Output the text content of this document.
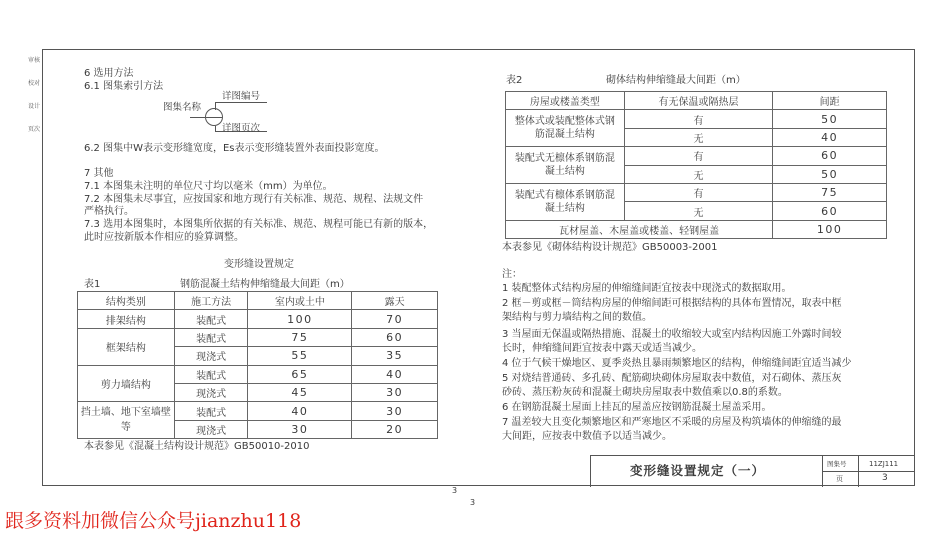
审核
校对
设计
页次
6 选用方法
6.1 图集索引方法
详图编号
图集名称
详图页次
6.2 图集中W表示变形缝宽度，Es表示变形缝装置外表面投影宽度。
7 其他
7.1 本图集未注明的单位尺寸均以毫米（mm）为单位。
7.2 本图集未尽事宜，应按国家和地方现行有关标准、规范、规程、法规文件
严格执行。
7.3 选用本图集时，本图集所依据的有关标准、规范、规程可能已有新的版本，
此时应按新版本作相应的验算调整。
变形缝设置规定
表1	钢筋混凝土结构伸缩缝最大间距（m）
结构类别	施工方法	室内或土中	露天
排架结构	装配式	100	70
框架结构	装配式	75	60
	现浇式	55	35
剪力墙结构	装配式	65	40
	现浇式	45	30
挡土墙、地下室墙壁等	装配式	40	30
	现浇式	30	20
本表参见《混凝土结构设计规范》GB50010-2010
表2	砌体结构伸缩缝最大间距（m）
房屋或楼盖类型	有无保温或隔热层	间距
整体式或装配整体式钢筋混凝土结构	有	50
	无	40
装配式无檩体系钢筋混凝土结构	有	60
	无	50
装配式有檩体系钢筋混凝土结构	有	75
	无	60
瓦材屋盖、木屋盖或楼盖、轻钢屋盖		100
本表参见《砌体结构设计规范》GB50003-2001
注：
1 装配整体式结构房屋的伸缩缝间距宜按表中现浇式的数据取用。
2 框－剪或框－筒结构房屋的伸缩间距可根据结构的具体布置情况，取表中框
架结构与剪力墙结构之间的数值。
3 当屋面无保温或隔热措施、混凝土的收缩较大或室内结构因施工外露时间较
长时，伸缩缝间距宜按表中露天或适当减少。
4 位于气候干燥地区、夏季炎热且暴雨频繁地区的结构，伸缩缝间距宜适当减少
5 对烧结普通砖、多孔砖、配筋砌块砌体房屋取表中数值，对石砌体、蒸压灰
砂砖、蒸压粉灰砖和混凝土砌块房屋取表中数值乘以0.8的系数。
6 在钢筋混凝土屋面上挂瓦的屋盖应按钢筋混凝土屋盖采用。
7 温差较大且变化频繁地区和严寒地区不采暖的房屋及构筑墙体的伸缩缝的最
大间距，应按表中数值予以适当减少。
变形缝设置规定（一）	图集号	11ZJ111
页	3
3
3
跟多资料加微信公众号jianzhu118
